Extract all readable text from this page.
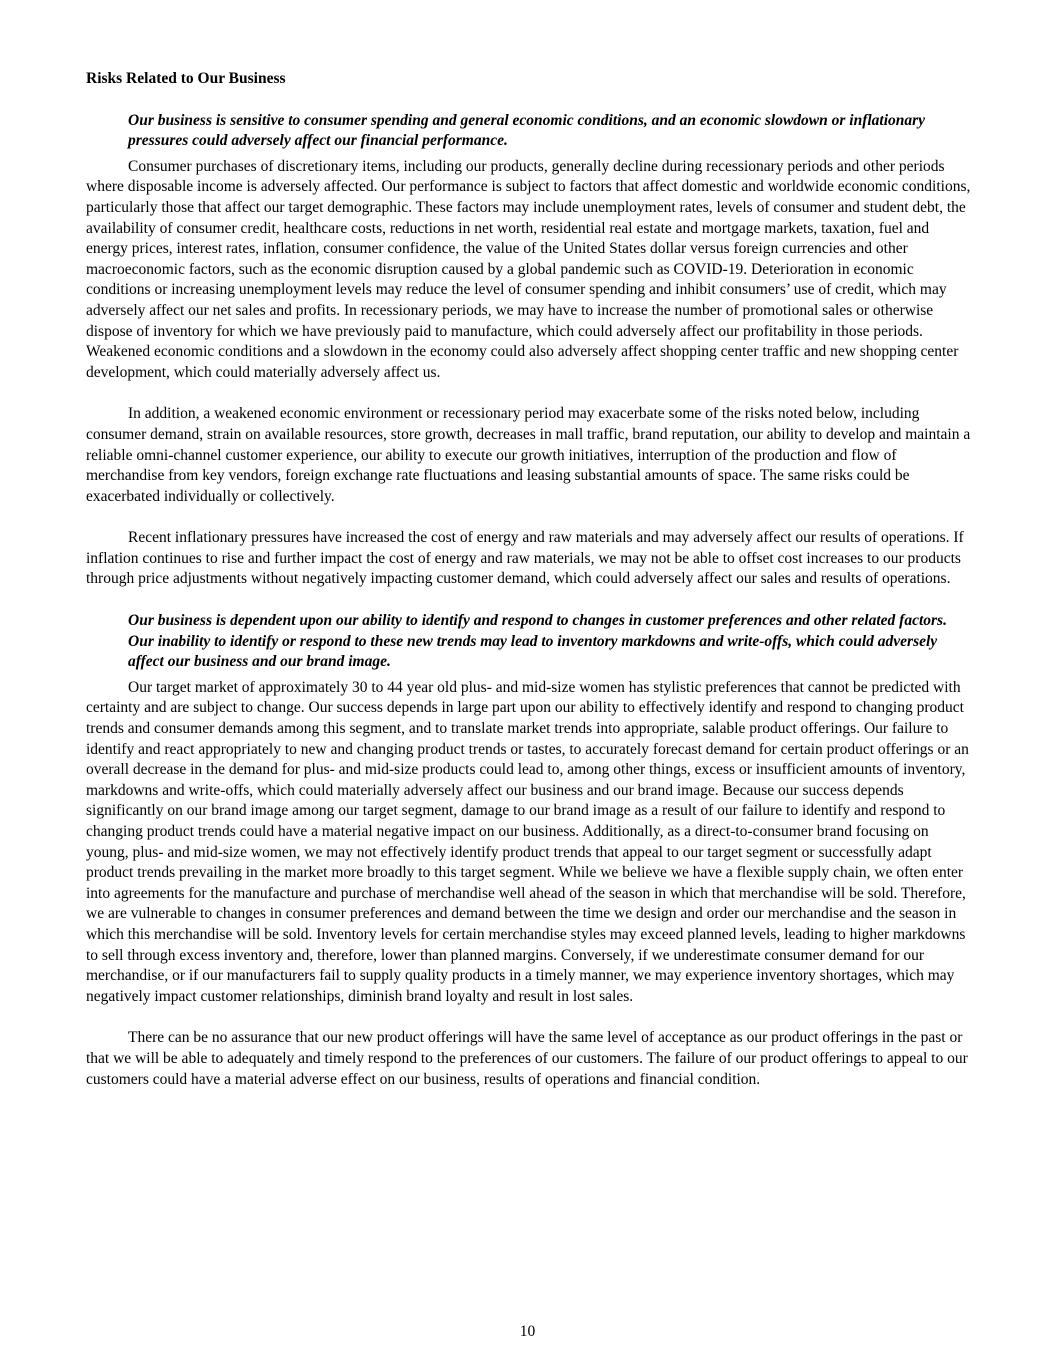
Risks Related to Our Business

Our business is sensitive to consumer spending and general economic conditions, and an economic slowdown or inflationary pressures could adversely affect our financial performance.

Consumer purchases of discretionary items, including our products, generally decline during recessionary periods and other periods where disposable income is adversely affected. Our performance is subject to factors that affect domestic and worldwide economic conditions, particularly those that affect our target demographic. These factors may include unemployment rates, levels of consumer and student debt, the availability of consumer credit, healthcare costs, reductions in net worth, residential real estate and mortgage markets, taxation, fuel and energy prices, interest rates, inflation, consumer confidence, the value of the United States dollar versus foreign currencies and other macroeconomic factors, such as the economic disruption caused by a global pandemic such as COVID-19. Deterioration in economic conditions or increasing unemployment levels may reduce the level of consumer spending and inhibit consumers’ use of credit, which may adversely affect our net sales and profits. In recessionary periods, we may have to increase the number of promotional sales or otherwise dispose of inventory for which we have previously paid to manufacture, which could adversely affect our profitability in those periods. Weakened economic conditions and a slowdown in the economy could also adversely affect shopping center traffic and new shopping center development, which could materially adversely affect us.

In addition, a weakened economic environment or recessionary period may exacerbate some of the risks noted below, including consumer demand, strain on available resources, store growth, decreases in mall traffic, brand reputation, our ability to develop and maintain a reliable omni-channel customer experience, our ability to execute our growth initiatives, interruption of the production and flow of merchandise from key vendors, foreign exchange rate fluctuations and leasing substantial amounts of space. The same risks could be exacerbated individually or collectively.

Recent inflationary pressures have increased the cost of energy and raw materials and may adversely affect our results of operations. If inflation continues to rise and further impact the cost of energy and raw materials, we may not be able to offset cost increases to our products through price adjustments without negatively impacting customer demand, which could adversely affect our sales and results of operations.

Our business is dependent upon our ability to identify and respond to changes in customer preferences and other related factors. Our inability to identify or respond to these new trends may lead to inventory markdowns and write-offs, which could adversely affect our business and our brand image.

Our target market of approximately 30 to 44 year old plus- and mid-size women has stylistic preferences that cannot be predicted with certainty and are subject to change. Our success depends in large part upon our ability to effectively identify and respond to changing product trends and consumer demands among this segment, and to translate market trends into appropriate, salable product offerings. Our failure to identify and react appropriately to new and changing product trends or tastes, to accurately forecast demand for certain product offerings or an overall decrease in the demand for plus- and mid-size products could lead to, among other things, excess or insufficient amounts of inventory, markdowns and write-offs, which could materially adversely affect our business and our brand image. Because our success depends significantly on our brand image among our target segment, damage to our brand image as a result of our failure to identify and respond to changing product trends could have a material negative impact on our business. Additionally, as a direct-to-consumer brand focusing on young, plus- and mid-size women, we may not effectively identify product trends that appeal to our target segment or successfully adapt product trends prevailing in the market more broadly to this target segment. While we believe we have a flexible supply chain, we often enter into agreements for the manufacture and purchase of merchandise well ahead of the season in which that merchandise will be sold. Therefore, we are vulnerable to changes in consumer preferences and demand between the time we design and order our merchandise and the season in which this merchandise will be sold. Inventory levels for certain merchandise styles may exceed planned levels, leading to higher markdowns to sell through excess inventory and, therefore, lower than planned margins. Conversely, if we underestimate consumer demand for our merchandise, or if our manufacturers fail to supply quality products in a timely manner, we may experience inventory shortages, which may negatively impact customer relationships, diminish brand loyalty and result in lost sales.

There can be no assurance that our new product offerings will have the same level of acceptance as our product offerings in the past or that we will be able to adequately and timely respond to the preferences of our customers. The failure of our product offerings to appeal to our customers could have a material adverse effect on our business, results of operations and financial condition.

10
